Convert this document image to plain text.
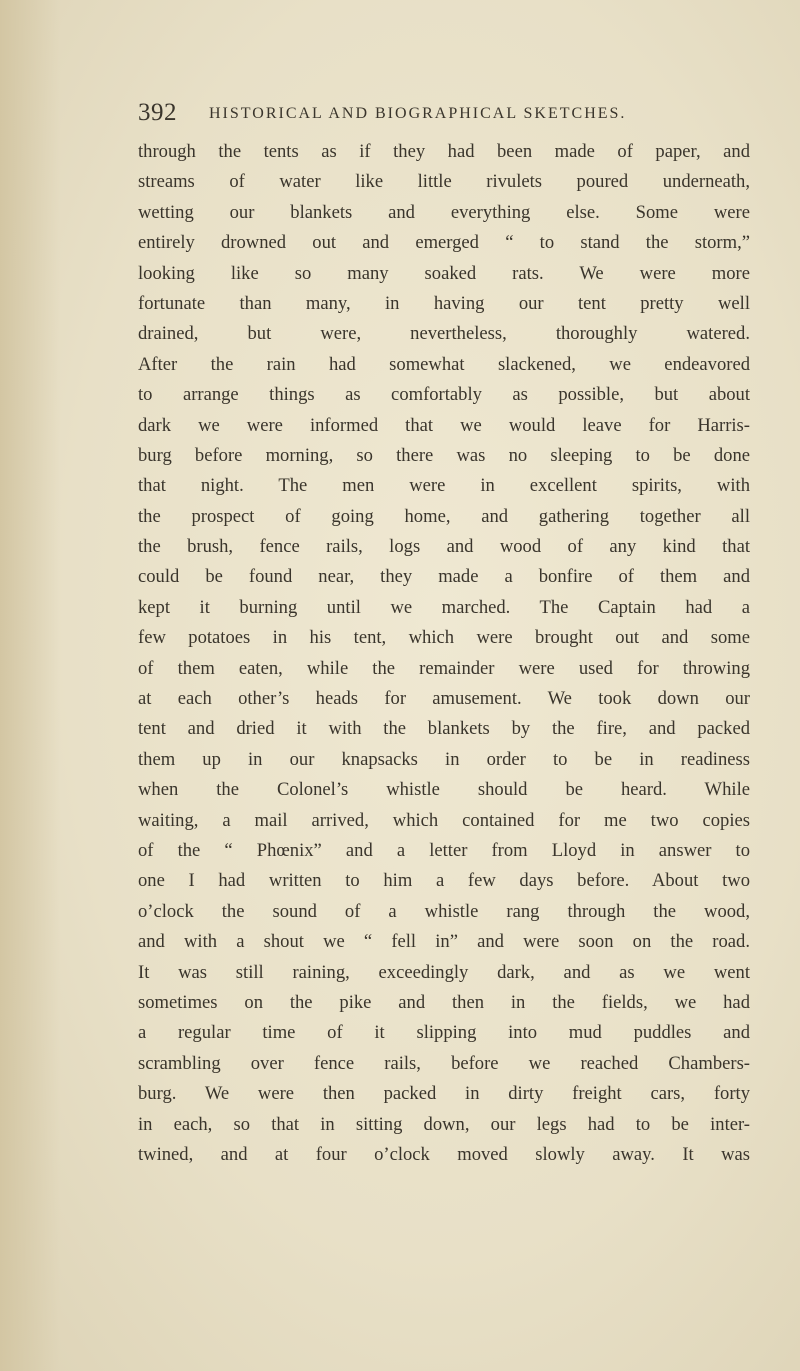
392 HISTORICAL AND BIOGRAPHICAL SKETCHES.
through the tents as if they had been made of paper, and
streams of water like little rivulets poured underneath,
wetting our blankets and everything else. Some were
entirely drowned out and emerged “ to stand the storm,”
looking like so many soaked rats. We were more
fortunate than many, in having our tent pretty well
drained, but were, nevertheless, thoroughly watered.
After the rain had somewhat slackened, we endeavored
to arrange things as comfortably as possible, but about
dark we were informed that we would leave for Harris-
burg before morning, so there was no sleeping to be done
that night. The men were in excellent spirits, with
the prospect of going home, and gathering together all
the brush, fence rails, logs and wood of any kind that
could be found near, they made a bonfire of them and
kept it burning until we marched. The Captain had a
few potatoes in his tent, which were brought out and some
of them eaten, while the remainder were used for throwing
at each other’s heads for amusement. We took down our
tent and dried it with the blankets by the fire, and packed
them up in our knapsacks in order to be in readiness
when the Colonel’s whistle should be heard. While
waiting, a mail arrived, which contained for me two copies
of the “ Phœnix” and a letter from Lloyd in answer to
one I had written to him a few days before. About two
o’clock the sound of a whistle rang through the wood,
and with a shout we “ fell in” and were soon on the road.
It was still raining, exceedingly dark, and as we went
sometimes on the pike and then in the fields, we had
a regular time of it slipping into mud puddles and
scrambling over fence rails, before we reached Chambers-
burg. We were then packed in dirty freight cars, forty
in each, so that in sitting down, our legs had to be inter-
twined, and at four o’clock moved slowly away. It was
